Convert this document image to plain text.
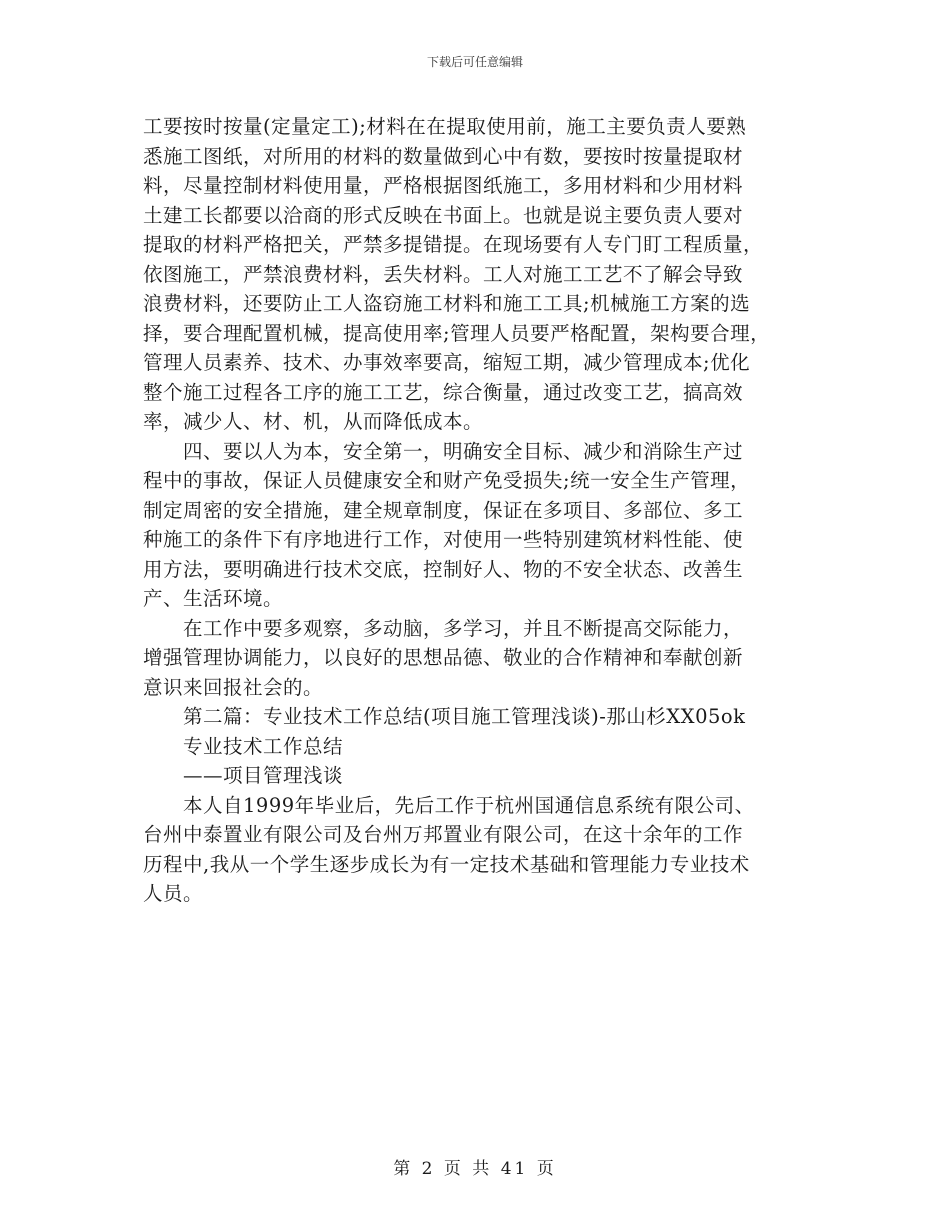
下载后可任意编辑
工要按时按量(定量定工);材料在在提取使用前，施工主要负责人要熟
悉施工图纸，对所用的材料的数量做到心中有数，要按时按量提取材
料，尽量控制材料使用量，严格根据图纸施工，多用材料和少用材料
土建工长都要以洽商的形式反映在书面上。也就是说主要负责人要对
提取的材料严格把关，严禁多提错提。在现场要有人专门盯工程质量，
依图施工，严禁浪费材料，丢失材料。工人对施工工艺不了解会导致
浪费材料，还要防止工人盗窃施工材料和施工工具;机械施工方案的选
择，要合理配置机械，提高使用率;管理人员要严格配置，架构要合理，
管理人员素养、技术、办事效率要高，缩短工期，减少管理成本;优化
整个施工过程各工序的施工工艺，综合衡量，通过改变工艺，搞高效
率，减少人、材、机，从而降低成本。
　　四、要以人为本，安全第一，明确安全目标、减少和消除生产过
程中的事故，保证人员健康安全和财产免受损失;统一安全生产管理，
制定周密的安全措施，建全规章制度，保证在多项目、多部位、多工
种施工的条件下有序地进行工作，对使用一些特别建筑材料性能、使
用方法，要明确进行技术交底，控制好人、物的不安全状态、改善生
产、生活环境。
　　在工作中要多观察，多动脑，多学习，并且不断提高交际能力，
增强管理协调能力，以良好的思想品德、敬业的合作精神和奉献创新
意识来回报社会的。
　　第二篇：专业技术工作总结(项目施工管理浅谈)-那山杉XX05ok
　　专业技术工作总结
　　——项目管理浅谈
　　本人自1999年毕业后，先后工作于杭州国通信息系统有限公司、
台州中泰置业有限公司及台州万邦置业有限公司，在这十余年的工作
历程中,我从一个学生逐步成长为有一定技术基础和管理能力专业技术
人员。
第 2 页 共 41 页
